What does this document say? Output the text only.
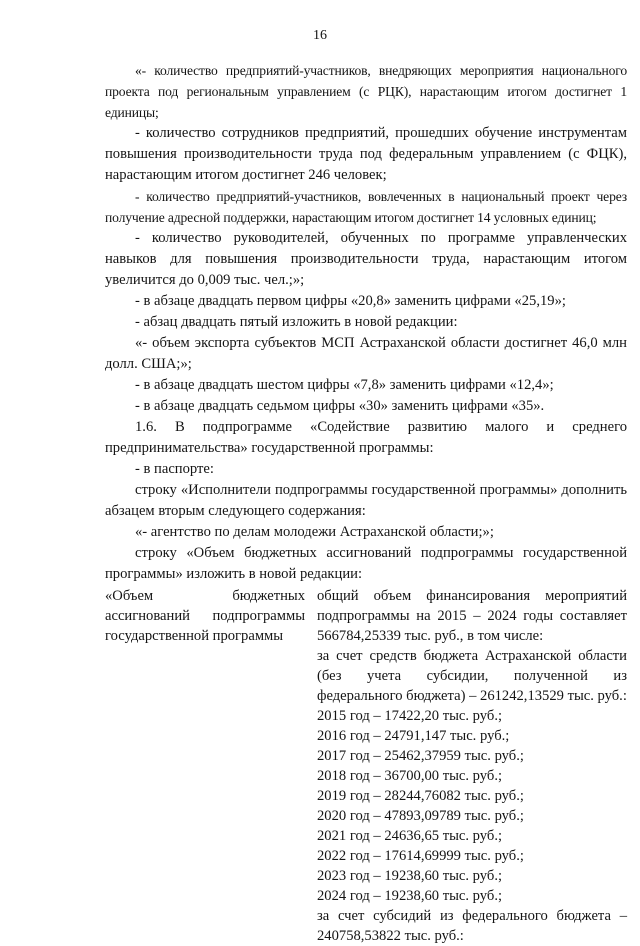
16

«- количество предприятий-участников, внедряющих мероприятия национального проекта под региональным управлением (с РЦК), нарастающим итогом достигнет 1 единицы;

- количество сотрудников предприятий, прошедших обучение инструментам повышения производительности труда под федеральным управлением (с ФЦК), нарастающим итогом достигнет 246 человек;

- количество предприятий-участников, вовлеченных в национальный проект через получение адресной поддержки, нарастающим итогом достигнет 14 условных единиц;

- количество руководителей, обученных по программе управленческих навыков для повышения производительности труда, нарастающим итогом увеличится до 0,009 тыс. чел.;»;

- в абзаце двадцать первом цифры «20,8» заменить цифрами «25,19»;

- абзац двадцать пятый изложить в новой редакции:

«- объем экспорта субъектов МСП Астраханской области достигнет 46,0 млн долл. США;»;

- в абзаце двадцать шестом цифры «7,8» заменить цифрами «12,4»;

- в абзаце двадцать седьмом цифры «30» заменить цифрами «35».

1.6. В подпрограмме «Содействие развитию малого и среднего предпринимательства» государственной программы:

- в паспорте:

строку «Исполнители подпрограммы государственной программы» дополнить абзацем вторым следующего содержания:

«- агентство по делам молодежи Астраханской области;»;

строку «Объем бюджетных ассигнований подпрограммы государственной программы» изложить в новой редакции:

«Объем бюджетных ассигнований подпрограммы государственной программы
общий объем финансирования мероприятий подпрограммы на 2015 – 2024 годы составляет 566784,25339 тыс. руб., в том числе:
за счет средств бюджета Астраханской области (без учета субсидии, полученной из федерального бюджета) – 261242,13529 тыс. руб.:
2015 год – 17422,20 тыс. руб.;
2016 год – 24791,147 тыс. руб.;
2017 год – 25462,37959 тыс. руб.;
2018 год – 36700,00 тыс. руб.;
2019 год – 28244,76082 тыс. руб.;
2020 год – 47893,09789 тыс. руб.;
2021 год – 24636,65 тыс. руб.;
2022 год – 17614,69999 тыс. руб.;
2023 год – 19238,60 тыс. руб.;
2024 год – 19238,60 тыс. руб.;
за счет субсидий из федерального бюджета – 240758,53822 тыс. руб.:
